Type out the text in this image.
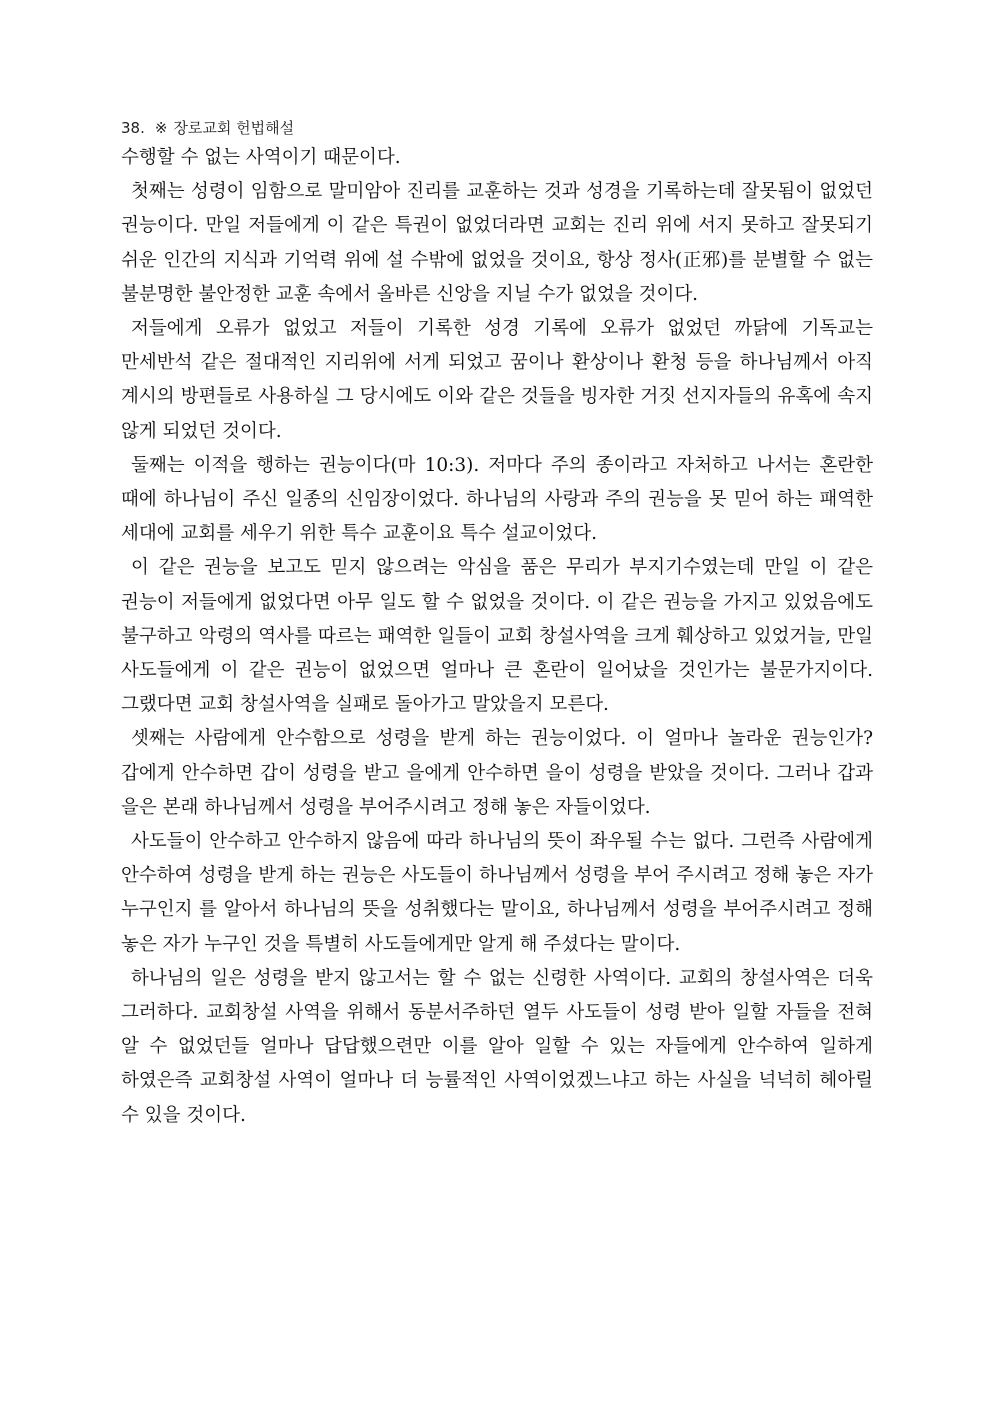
38. ※ 장로교회 헌법해설

수행할 수 없는 사역이기 때문이다.

첫째는 성령이 임함으로 말미암아 진리를 교훈하는 것과 성경을 기록하는데 잘못됨이 없었던 권능이다. 만일 저들에게 이 같은 특권이 없었더라면 교회는 진리 위에 서지 못하고 잘못되기 쉬운 인간의 지식과 기억력 위에 설 수밖에 없었을 것이요, 항상 정사(正邪)를 분별할 수 없는 불분명한 불안정한 교훈 속에서 올바른 신앙을 지닐 수가 없었을 것이다.

저들에게 오류가 없었고 저들이 기록한 성경 기록에 오류가 없었던 까닭에 기독교는 만세반석 같은 절대적인 지리위에 서게 되었고 꿈이나 환상이나 환청 등을 하나님께서 아직 계시의 방편들로 사용하실 그 당시에도 이와 같은 것들을 빙자한 거짓 선지자들의 유혹에 속지 않게 되었던 것이다.

둘째는 이적을 행하는 권능이다(마 10:3). 저마다 주의 종이라고 자처하고 나서는 혼란한 때에 하나님이 주신 일종의 신임장이었다. 하나님의 사랑과 주의 권능을 못 믿어 하는 패역한 세대에 교회를 세우기 위한 특수 교훈이요 특수 설교이었다.

이 같은 권능을 보고도 믿지 않으려는 악심을 품은 무리가 부지기수였는데 만일 이 같은 권능이 저들에게 없었다면 아무 일도 할 수 없었을 것이다. 이 같은 권능을 가지고 있었음에도 불구하고 악령의 역사를 따르는 패역한 일들이 교회 창설사역을 크게 훼상하고 있었거늘, 만일 사도들에게 이 같은 권능이 없었으면 얼마나 큰 혼란이 일어났을 것인가는 불문가지이다. 그랬다면 교회 창설사역을 실패로 돌아가고 말았을지 모른다.

셋째는 사람에게 안수함으로 성령을 받게 하는 권능이었다. 이 얼마나 놀라운 권능인가? 갑에게 안수하면 갑이 성령을 받고 을에게 안수하면 을이 성령을 받았을 것이다. 그러나 갑과 을은 본래 하나님께서 성령을 부어주시려고 정해 놓은 자들이었다.

사도들이 안수하고 안수하지 않음에 따라 하나님의 뜻이 좌우될 수는 없다. 그런즉 사람에게 안수하여 성령을 받게 하는 권능은 사도들이 하나님께서 성령을 부어 주시려고 정해 놓은 자가 누구인지 를 알아서 하나님의 뜻을 성취했다는 말이요, 하나님께서 성령을 부어주시려고 정해 놓은 자가 누구인 것을 특별히 사도들에게만 알게 해 주셨다는 말이다.

하나님의 일은 성령을 받지 않고서는 할 수 없는 신령한 사역이다. 교회의 창설사역은 더욱 그러하다. 교회창설 사역을 위해서 동분서주하던 열두 사도들이 성령 받아 일할 자들을 전혀 알 수 없었던들 얼마나 답답했으련만 이를 알아 일할 수 있는 자들에게 안수하여 일하게 하였은즉 교회창설 사역이 얼마나 더 능률적인 사역이었겠느냐고 하는 사실을 넉넉히 헤아릴 수 있을 것이다.
